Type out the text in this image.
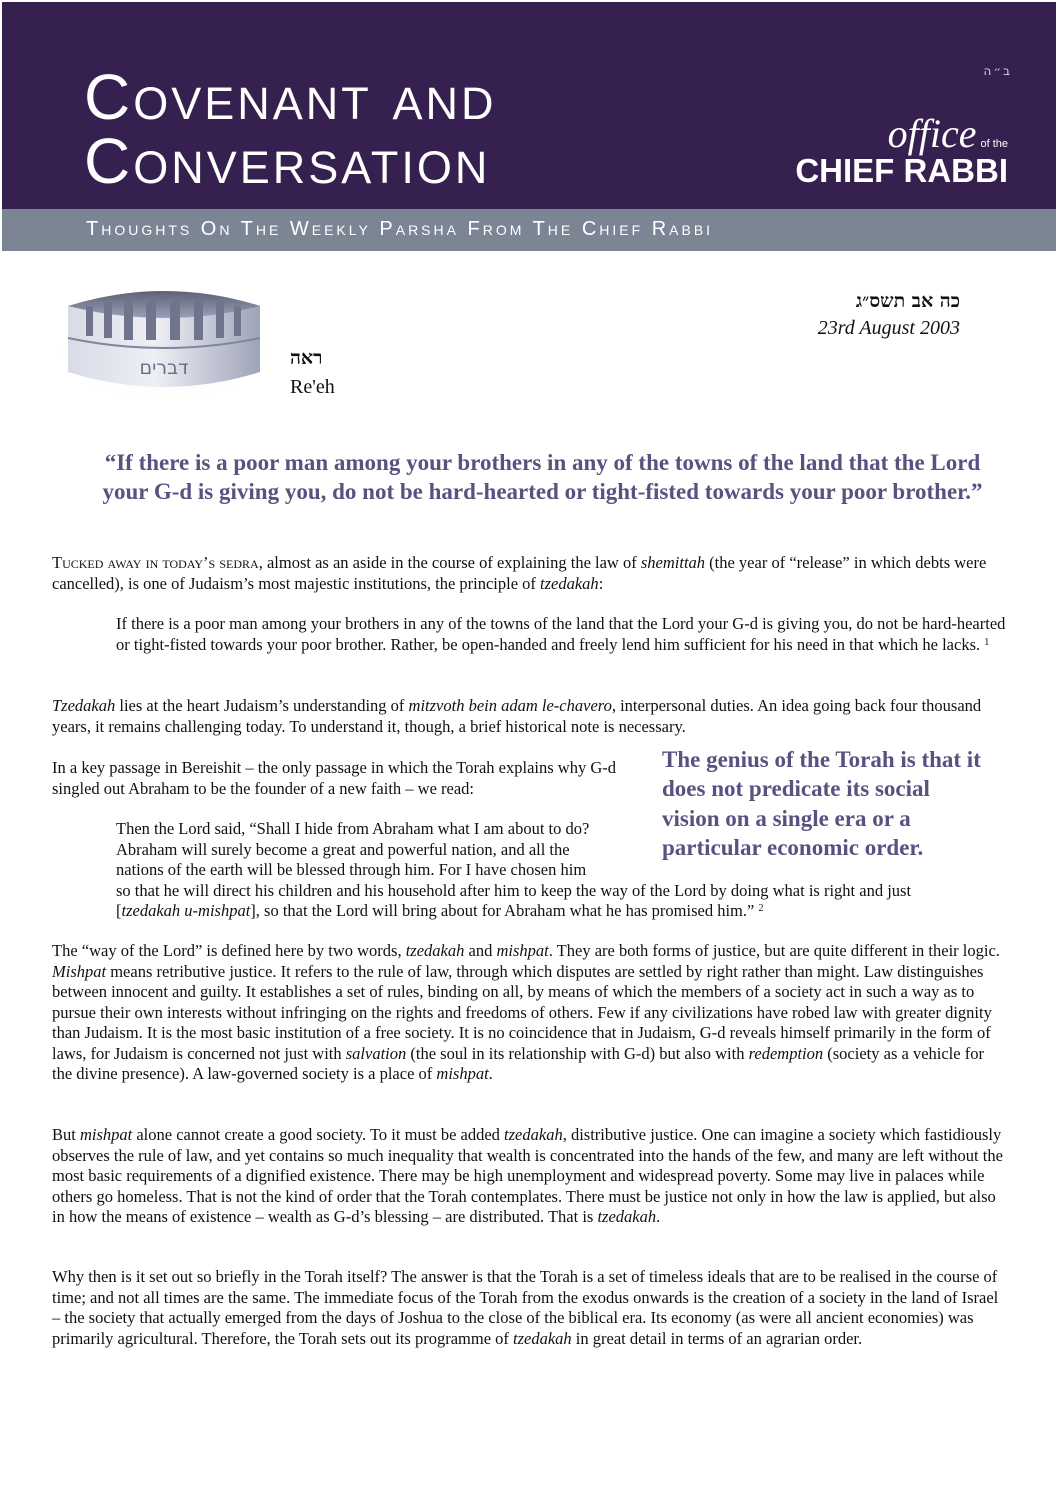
ב״ה
Covenant and
Conversation	office of the
CHIEF RABBI
Thoughts On The Weekly Parsha From The Chief Rabbi
דברים	ראה
Re'eh
כה אב תשס״ג
23rd August 2003
“If there is a poor man among your brothers in any of the towns of the land that the Lord your G-d is giving you, do not be hard-hearted or tight-fisted towards your poor brother.”
Tucked away in today’s sedra, almost as an aside in the course of explaining the law of shemittah (the year of “release” in which debts were cancelled), is one of Judaism’s most majestic institutions, the principle of tzedakah:
If there is a poor man among your brothers in any of the towns of the land that the Lord your G-d is giving you, do not be hard-hearted or tight-fisted towards your poor brother. Rather, be open-handed and freely lend him sufficient for his need in that which he lacks. $^1$
Tzedakah lies at the heart Judaism’s understanding of mitzvoth bein adam le-chavero, interpersonal duties. An idea going back four thousand years, it remains challenging today. To understand it, though, a brief historical note is necessary.
In a key passage in Bereishit – the only passage in which the Torah explains why G-d singled out Abraham to be the founder of a new faith – we read:
The genius of the Torah is that it does not predicate its social vision on a single era or a particular economic order.
Then the Lord said, “Shall I hide from Abraham what I am about to do?
Abraham will surely become a great and powerful nation, and all the
nations of the earth will be blessed through him. For I have chosen him
so that he will direct his children and his household after him to keep the way of the Lord by doing what is right and just
[tzedakah u-mishpat], so that the Lord will bring about for Abraham what he has promised him.” $^2$
The “way of the Lord” is defined here by two words, tzedakah and mishpat. They are both forms of justice, but are quite different in their logic. Mishpat means retributive justice. It refers to the rule of law, through which disputes are settled by right rather than might. Law distinguishes between innocent and guilty. It establishes a set of rules, binding on all, by means of which the members of a society act in such a way as to pursue their own interests without infringing on the rights and freedoms of others. Few if any civilizations have robed law with greater dignity than Judaism. It is the most basic institution of a free society. It is no coincidence that in Judaism, G-d reveals himself primarily in the form of laws, for Judaism is concerned not just with salvation (the soul in its relationship with G-d) but also with redemption (society as a vehicle for the divine presence). A law-governed society is a place of mishpat.
But mishpat alone cannot create a good society. To it must be added tzedakah, distributive justice. One can imagine a society which fastidiously observes the rule of law, and yet contains so much inequality that wealth is concentrated into the hands of the few, and many are left without the most basic requirements of a dignified existence. There may be high unemployment and widespread poverty. Some may live in palaces while others go homeless. That is not the kind of order that the Torah contemplates. There must be justice not only in how the law is applied, but also in how the means of existence – wealth as G-d’s blessing – are distributed. That is tzedakah.
Why then is it set out so briefly in the Torah itself? The answer is that the Torah is a set of timeless ideals that are to be realised in the course of time; and not all times are the same. The immediate focus of the Torah from the exodus onwards is the creation of a society in the land of Israel – the society that actually emerged from the days of Joshua to the close of the biblical era. Its economy (as were all ancient economies) was primarily agricultural. Therefore, the Torah sets out its programme of tzedakah in great detail in terms of an agrarian order.
